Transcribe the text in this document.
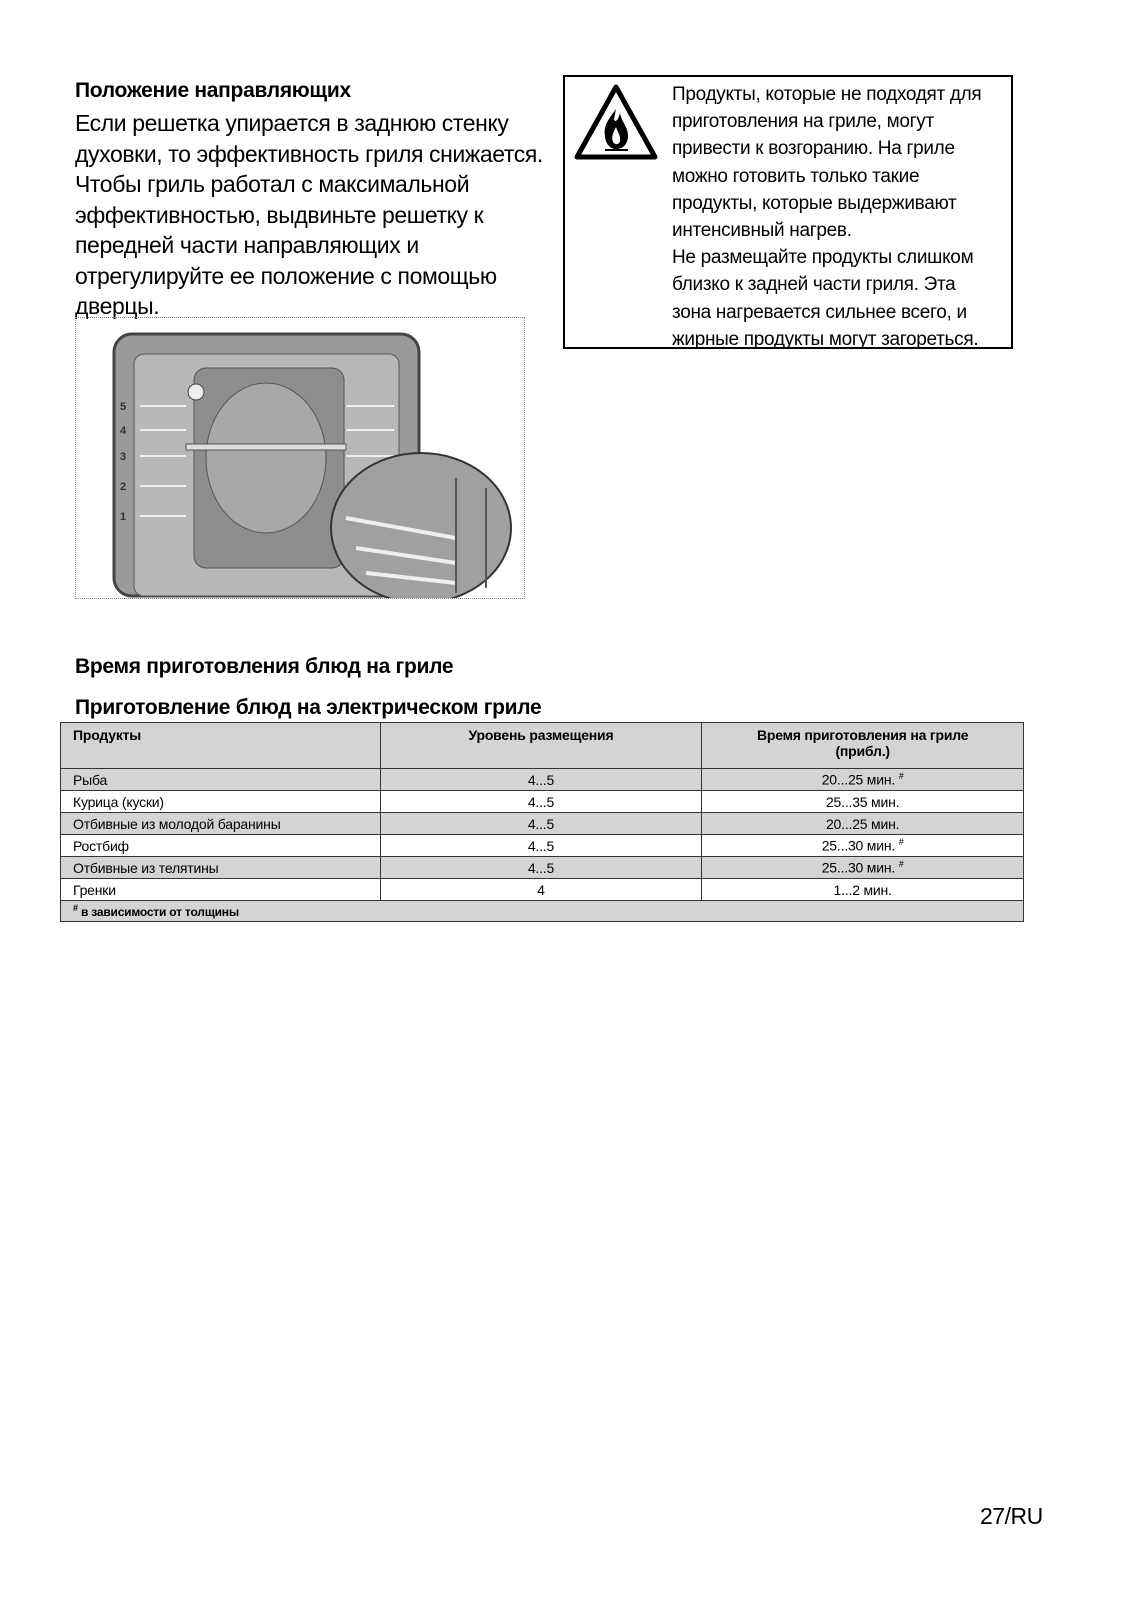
Положение направляющих
Если решетка упирается в заднюю стенку
духовки, то эффективность гриля снижается.
Чтобы гриль работал с максимальной
эффективностью, выдвиньте решетку к
передней части направляющих и
отрегулируйте ее положение с помощью
дверцы.
Продукты, которые не подходят для
приготовления на гриле, могут
привести к возгоранию. На гриле
можно готовить только такие
продукты, которые выдерживают
интенсивный нагрев.
Не размещайте продукты слишком
близко к задней части гриля. Эта
зона нагревается сильнее всего, и
жирные продукты могут загореться.
5
4
3
2
1
Время приготовления блюд на гриле
Приготовление блюд на электрическом гриле
Продукты	Уровень размещения	Время приготовления на гриле
(прибл.)
Рыба	4...5	20...25 мин. #
Курица (куски)	4...5	25...35 мин.
Отбивные из молодой баранины	4...5	20...25 мин.
Ростбиф	4...5	25...30 мин. #
Отбивные из телятины	4...5	25...30 мин. #
Гренки	4	1...2 мин.
# в зависимости от толщины		
27/RU
